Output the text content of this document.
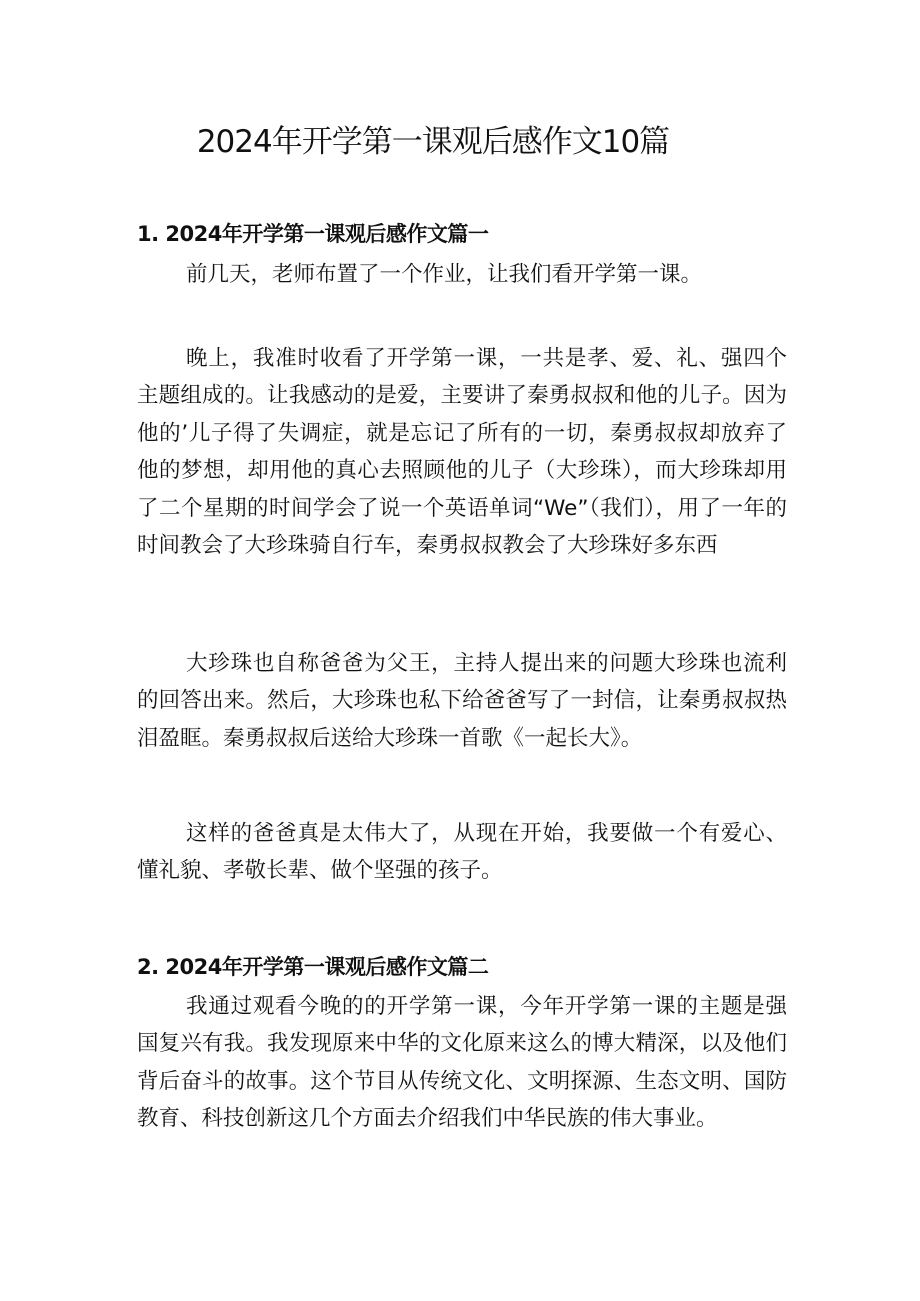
2024年开学第一课观后感作文10篇
1. 2024年开学第一课观后感作文篇一

前几天，老师布置了一个作业，让我们看开学第一课。

晚上，我准时收看了开学第一课，一共是孝、爱、礼、强四个主题组成的。让我感动的是爱，主要讲了秦勇叔叔和他的儿子。因为他的’儿子得了失调症，就是忘记了所有的一切，秦勇叔叔却放弃了他的梦想，却用他的真心去照顾他的儿子（大珍珠），而大珍珠却用了二个星期的时间学会了说一个英语单词“We”（我们），用了一年的时间教会了大珍珠骑自行车，秦勇叔叔教会了大珍珠好多东西

大珍珠也自称爸爸为父王，主持人提出来的问题大珍珠也流利的回答出来。然后，大珍珠也私下给爸爸写了一封信，让秦勇叔叔热泪盈眶。秦勇叔叔后送给大珍珠一首歌《一起长大》。

这样的爸爸真是太伟大了，从现在开始，我要做一个有爱心、懂礼貌、孝敬长辈、做个坚强的孩子。

2. 2024年开学第一课观后感作文篇二

我通过观看今晚的的开学第一课，今年开学第一课的主题是强国复兴有我。我发现原来中华的文化原来这么的博大精深，以及他们背后奋斗的故事。这个节目从传统文化、文明探源、生态文明、国防教育、科技创新这几个方面去介绍我们中华民族的伟大事业。
